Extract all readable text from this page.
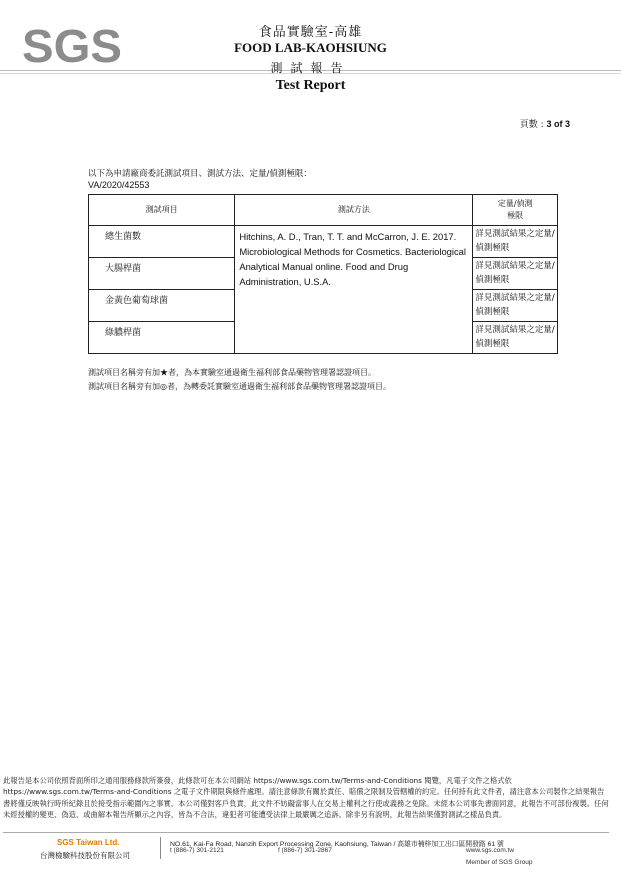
SGS	食品實驗室-高雄
FOOD LAB-KAOHSIUNG
測試報告
Test Report
頁數 : 3 of 3
以下為申請廠商委託測試項目、測試方法、定量/偵測極限：
VA/2020/42553
測試項目	測試方法	定量/偵測
極限

總生菌數	Hitchins, A. D., Tran, T. T. and McCarron, J. E. 2017. Microbiological Methods for Cosmetics. Bacteriological Analytical Manual online. Food and Drug Administration, U.S.A.	詳見測試結果之定量/偵測極限
大腸桿菌		詳見測試結果之定量/偵測極限
金黃色葡萄球菌		詳見測試結果之定量/偵測極限
綠膿桿菌		詳見測試結果之定量/偵測極限
測試項目名稱旁有加★者，為本實驗室通過衛生福利部食品藥物管理署認證項目。
測試項目名稱旁有加◎者，為轉委託實驗室通過衛生福利部食品藥物管理署認證項目。
此報告是本公司依照背面所印之通用服務條款所簽發，此條款可在本公司網站 https://www.sgs.com.tw/Terms-and-Conditions 閱覽，凡電子文件之格式依 https://www.sgs.com.tw/Terms-and-Conditions 之電子文件期限與條件處理。請注意條款有關於責任、賠償之限制及管轄權的約定。任何持有此文件者，請注意本公司製作之結果報告書將僅反映執行時所紀錄且於接受指示範圍內之事實。本公司僅對客戶負責，此文件不妨礙當事人在交易上權利之行使或義務之免除。未經本公司事先書面同意，此報告不可部份複製。任何未經授權的變更、偽造、或曲解本報告所顯示之內容，皆為不合法，違犯者可能遭受法律上最嚴厲之追訴。除非另有說明，此報告結果僅對測試之樣品負責。
SGS Taiwan Ltd.
台灣檢驗科技股份有限公司
NO.61, Kai-Fa Road, Nanzih Export Processing Zone, Kaohsiung, Taiwan / 高雄市楠梓加工出口區開發路 61 號
t (886-7) 301-2121	f (886-7) 301-2867	www.sgs.com.tw
Member of SGS Group
